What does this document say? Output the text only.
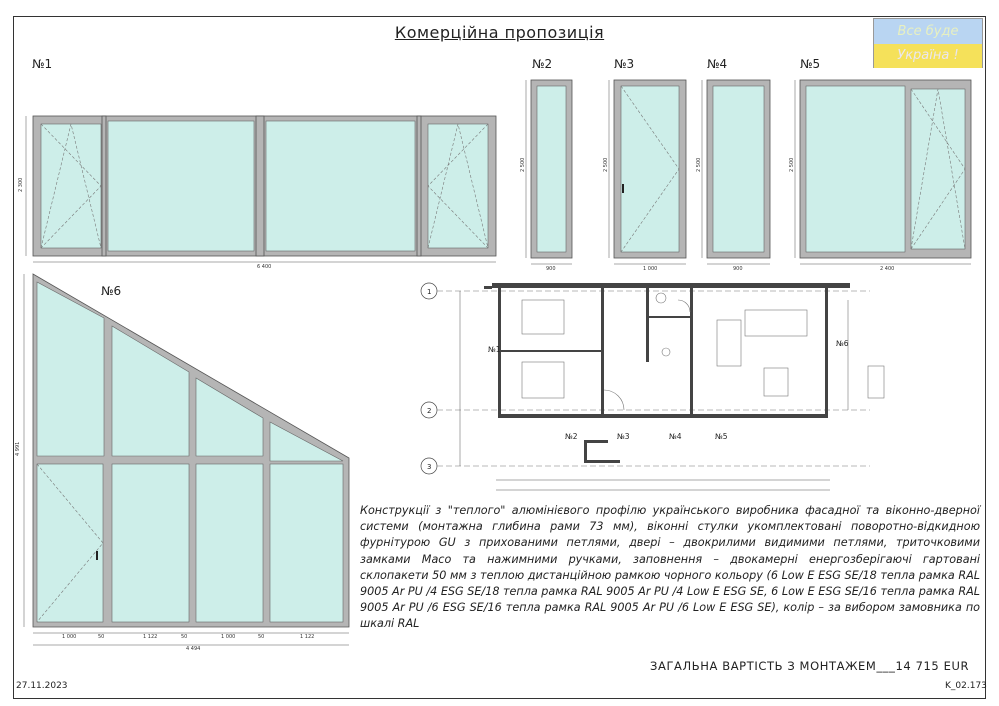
Комерційна пропозиція	Все буде
Україна !
№1	№2	№3	№4	№5
№6
2 300
6 400
2 500
900
2 500
1 000
2 500
900
2 500
2 400
4 991
1 000	50	1 122	50	1 000	50	1 122
4 494
1
2
3
№1
№2	№3	№4	№5
№6
Конструкції з "теплого" алюмінієвого профілю українського виробника фасадної та віконно-дверної системи (монтажна глибина рами 73 мм), віконні стулки укомплектовані поворотно-відкидною фурнітурою GU з прихованими петлями, двері – двокрилими видимими петлями, триточковими замками Maco та нажимними ручками, заповнення – двокамерні енергозберігаючі гартовані склопакети 50 мм з теплою дистанційною рамкою чорного кольору (6 Low E ESG SE/18 тепла рамка RAL 9005 Ar PU /4 ESG SE/18 тепла рамка RAL 9005 Ar PU /4 Low E ESG SE, 6 Low E ESG SE/16 тепла рамка RAL 9005 Ar PU /6 ESG SE/16 тепла рамка RAL 9005 Ar PU /6 Low E ESG SE), колір – за вибором замовника по шкалі RAL
ЗАГАЛЬНА ВАРТІСТЬ З МОНТАЖЕМ___14 715 EUR
27.11.2023	K_02.173
